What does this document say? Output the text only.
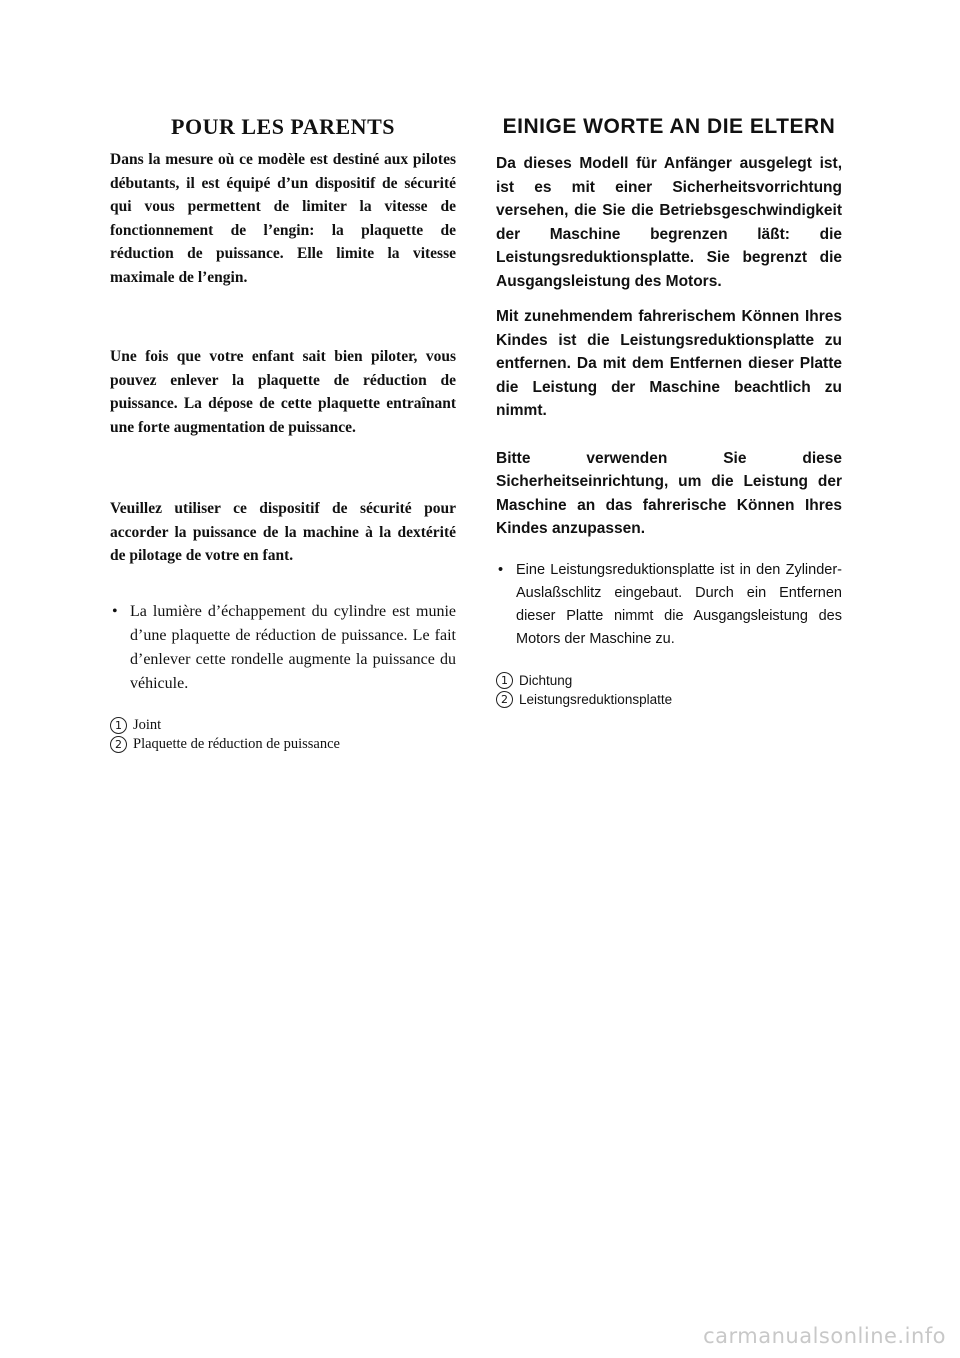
POUR LES PARENTS

Dans la mesure où ce modèle est destiné aux pilotes débutants, il est équipé d’un dispositif de sécurité qui vous permettent de limiter la vitesse de fonctionnement de l’engin: la plaquette de réduction de puissance. Elle limite la vitesse maximale de l’engin.

Une fois que votre enfant sait bien piloter, vous pouvez enlever la plaquette de réduction de puissance. La dépose de cette plaquette entraînant une forte augmentation de puissance.

Veuillez utiliser ce dispositif de sécurité pour accorder la puissance de la machine à la dextérité de pilotage de votre en fant.

• La lumière d’échappement du cylindre est munie d’une plaquette de réduction de puissance. Le fait d’enlever cette rondelle augmente la puissance du véhicule.

1 Joint
2 Plaquette de réduction de puissance
EINIGE WORTE AN DIE ELTERN

Da dieses Modell für Anfänger ausgelegt ist, ist es mit einer Sicherheitsvorrichtung versehen, die Sie die Betriebsgeschwindigkeit der Maschine begrenzen läßt: die Leistungsreduktionsplatte. Sie begrenzt die Ausgangsleistung des Motors.

Mit zunehmendem fahrerischem Können Ihres Kindes ist die Leistungsreduktionsplatte zu entfernen. Da mit dem Entfernen dieser Platte die Leistung der Maschine beachtlich zu nimmt.

Bitte verwenden Sie diese Sicherheitseinrichtung, um die Leistung der Maschine an das fahrerische Können Ihres Kindes anzupassen.

• Eine Leistungsreduktionsplatte ist in den Zylinder-Auslaßschlitz eingebaut. Durch ein Entfernen dieser Platte nimmt die Ausgangsleistung des Motors der Maschine zu.

1 Dichtung
2 Leistungsreduktionsplatte
carmanualsonline.info
